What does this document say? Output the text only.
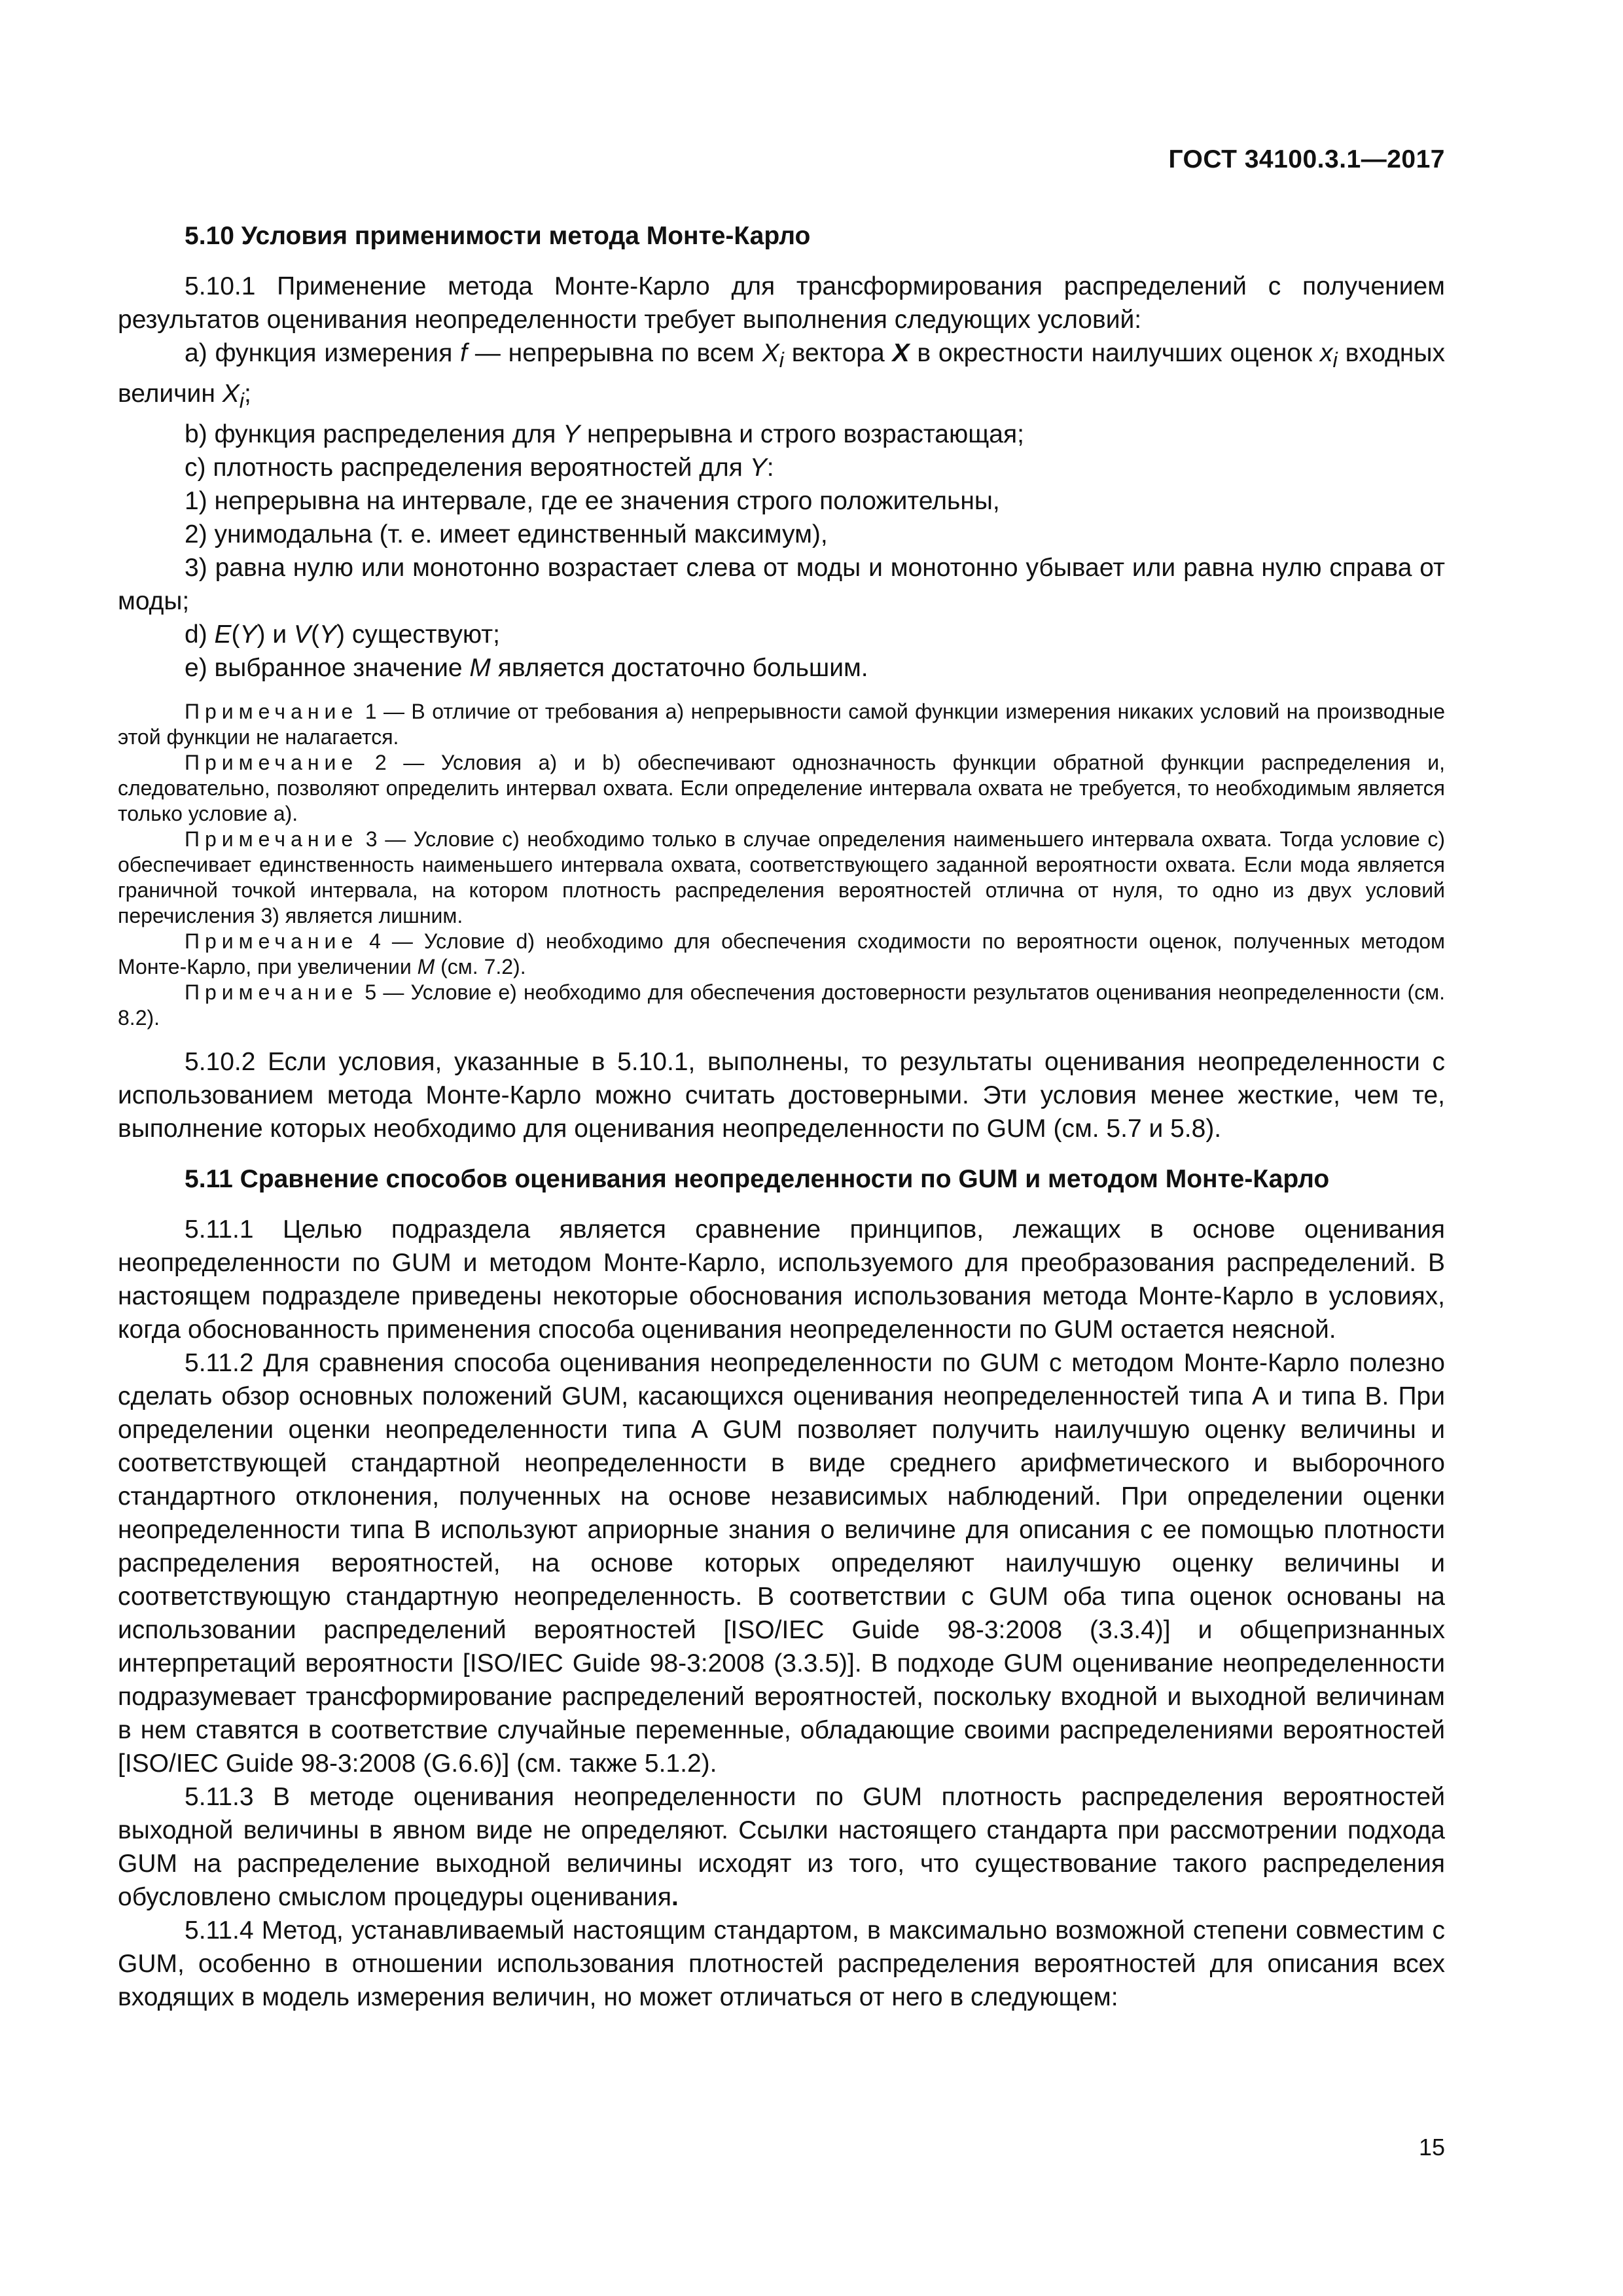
ГОСТ 34100.3.1—2017
5.10 Условия применимости метода Монте-Карло

5.10.1 Применение метода Монте-Карло для трансформирования распределений с получением результатов оценивания неопределенности требует выполнения следующих условий:

a) функция измерения f — непрерывна по всем $X_i$ вектора X в окрестности наилучших оценок $x_i$ входных величин $X_i$;

b) функция распределения для Y непрерывна и строго возрастающая;

c) плотность распределения вероятностей для Y:

1) непрерывна на интервале, где ее значения строго положительны,

2) унимодальна (т. е. имеет единственный максимум),

3) равна нулю или монотонно возрастает слева от моды и монотонно убывает или равна нулю справа от моды;

d) E(Y) и V(Y) существуют;

e) выбранное значение M является достаточно большим.

Примечание 1 — В отличие от требования a) непрерывности самой функции измерения никаких условий на производные этой функции не налагается.

Примечание 2 — Условия a) и b) обеспечивают однозначность функции обратной функции распределения и, следовательно, позволяют определить интервал охвата. Если определение интервала охвата не требуется, то необходимым является только условие a).

Примечание 3 — Условие c) необходимо только в случае определения наименьшего интервала охвата. Тогда условие c) обеспечивает единственность наименьшего интервала охвата, соответствующего заданной вероятности охвата. Если мода является граничной точкой интервала, на котором плотность распределения вероятностей отлична от нуля, то одно из двух условий перечисления 3) является лишним.

Примечание 4 — Условие d) необходимо для обеспечения сходимости по вероятности оценок, полученных методом Монте-Карло, при увеличении M (см. 7.2).

Примечание 5 — Условие e) необходимо для обеспечения достоверности результатов оценивания неопределенности (см. 8.2).

5.10.2 Если условия, указанные в 5.10.1, выполнены, то результаты оценивания неопределенности с использованием метода Монте-Карло можно считать достоверными. Эти условия менее жесткие, чем те, выполнение которых необходимо для оценивания неопределенности по GUM (см. 5.7 и 5.8).

5.11 Сравнение способов оценивания неопределенности по GUM и методом Монте-Карло

5.11.1 Целью подраздела является сравнение принципов, лежащих в основе оценивания неопределенности по GUM и методом Монте-Карло, используемого для преобразования распределений. В настоящем подразделе приведены некоторые обоснования использования метода Монте-Карло в условиях, когда обоснованность применения способа оценивания неопределенности по GUM остается неясной.

5.11.2 Для сравнения способа оценивания неопределенности по GUM с методом Монте-Карло полезно сделать обзор основных положений GUM, касающихся оценивания неопределенностей типа А и типа В. При определении оценки неопределенности типа А GUM позволяет получить наилучшую оценку величины и соответствующей стандартной неопределенности в виде среднего арифметического и выборочного стандартного отклонения, полученных на основе независимых наблюдений. При определении оценки неопределенности типа В используют априорные знания о величине для описания с ее помощью плотности распределения вероятностей, на основе которых определяют наилучшую оценку величины и соответствующую стандартную неопределенность. В соответствии с GUM оба типа оценок основаны на использовании распределений вероятностей [ISO/IEC Guide 98-3:2008 (3.3.4)] и общепризнанных интерпретаций вероятности [ISO/IEC Guide 98-3:2008 (3.3.5)]. В подходе GUM оценивание неопределенности подразумевает трансформирование распределений вероятностей, поскольку входной и выходной величинам в нем ставятся в соответствие случайные переменные, обладающие своими распределениями вероятностей [ISO/IEC Guide 98-3:2008 (G.6.6)] (см. также 5.1.2).

5.11.3 В методе оценивания неопределенности по GUM плотность распределения вероятностей выходной величины в явном виде не определяют. Ссылки настоящего стандарта при рассмотрении подхода GUM на распределение выходной величины исходят из того, что существование такого распределения обусловлено смыслом процедуры оценивания.

5.11.4 Метод, устанавливаемый настоящим стандартом, в максимально возможной степени совместим с GUM, особенно в отношении использования плотностей распределения вероятностей для описания всех входящих в модель измерения величин, но может отличаться от него в следующем:

15
